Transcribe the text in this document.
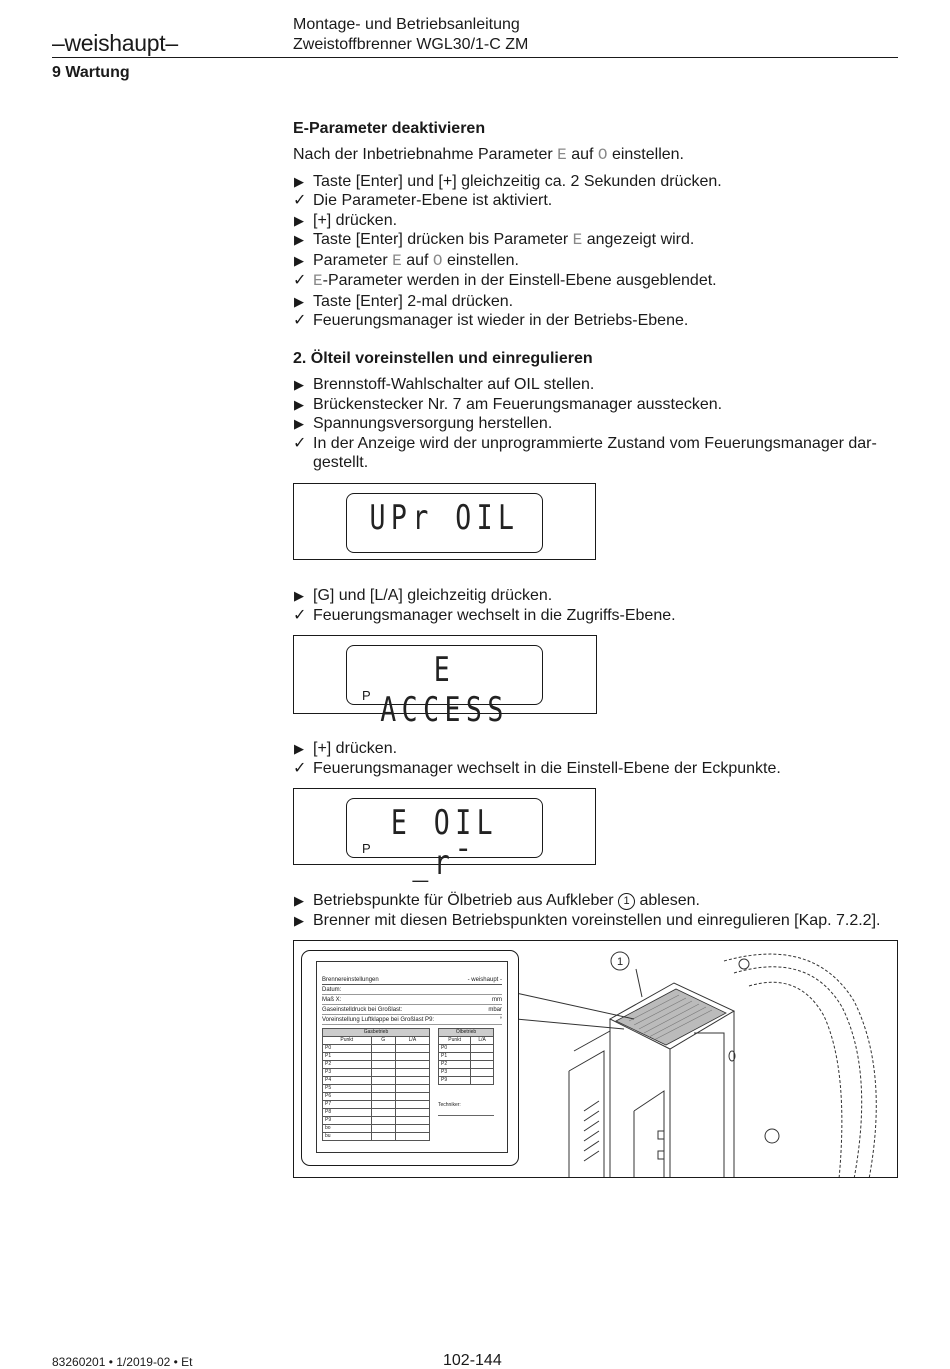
–weishaupt–
Montage- und Betriebsanleitung
Zweistoffbrenner WGL30/1-C ZM
9 Wartung
E-Parameter deaktivieren
Nach der Inbetriebnahme Parameter E auf O einstellen.
▶ Taste [Enter] und [+] gleichzeitig ca. 2 Sekunden drücken.
✓ Die Parameter-Ebene ist aktiviert.
▶ [+] drücken.
▶ Taste [Enter] drücken bis Parameter E angezeigt wird.
▶ Parameter E auf O einstellen.
✓ E-Parameter werden in der Einstell-Ebene ausgeblendet.
▶ Taste [Enter] 2-mal drücken.
✓ Feuerungsmanager ist wieder in der Betriebs-Ebene.
2. Ölteil voreinstellen und einregulieren
▶ Brennstoff-Wahlschalter auf OIL stellen.
▶ Brückenstecker Nr. 7 am Feuerungsmanager ausstecken.
▶ Spannungsversorgung herstellen.
✓ In der Anzeige wird der unprogrammierte Zustand vom Feuerungsmanager dar- gestellt.
UPr OIL
▶ [G] und [L/A] gleichzeitig drücken.
✓ Feuerungsmanager wechselt in die Zugriffs-Ebene.
E ACCESS
P
▶ [+] drücken.
✓ Feuerungsmanager wechselt in die Einstell-Ebene der Eckpunkte.
E OIL _r¯
P
▶ Betriebspunkte für Ölbetrieb aus Aufkleber 1 ablesen.
▶ Brenner mit diesen Betriebspunkten voreinstellen und einregulieren [Kap. 7.2.2].
1
Brennereinstellungen	- weishaupt -
Datum:
Maß X:	mm
Gaseinstelldruck bei Großlast:	mbar
Voreinstellung Luftklappe bei Großlast P9:	°
Gasbetrieb		
Punkt	G	L/A
P0		
P1		
P2		
P3		
P4		
P5		
P6		
P7		
P8		
P9		
bo		
bu		
Ölbetrieb	
Punkt	L/A
P0	
P1	
P2	
P3	
P9	
Techniker:
83260201 • 1/2019-02 • Et	102-144
